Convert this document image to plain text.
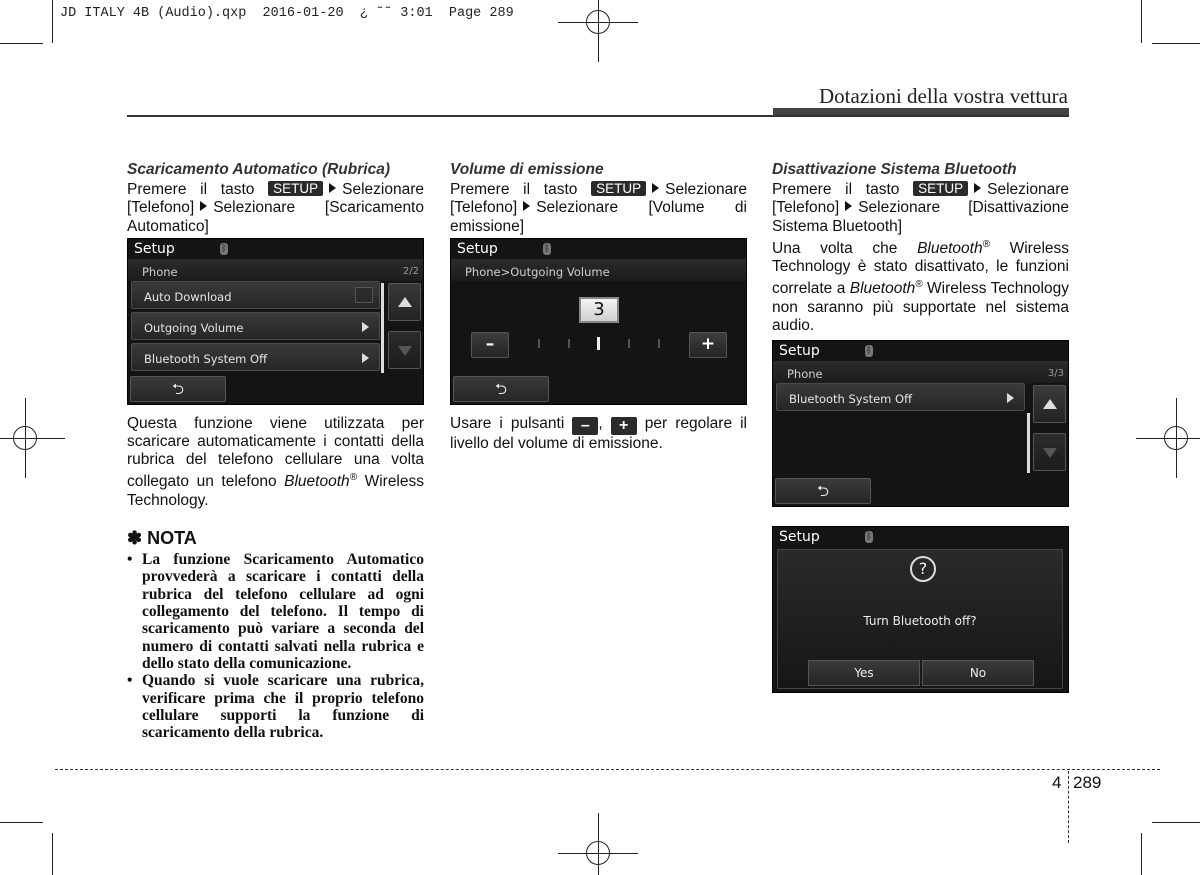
JD ITALY 4B (Audio).qxp  2016-01-20  ¿ ˜˜ 3:01  Page 289
Dotazioni della vostra vettura
Scaricamento Automatico (Rubrica)
Premere il tasto SETUP Selezionare [Telefono] Selezionare [Scaricamento Automatico]
Setup	ᛒ
Phone	2/2
Auto Download
Outgoing Volume
Bluetooth System Off
⮌
Questa funzione viene utilizzata per scaricare automaticamente i contatti della rubrica del telefono cellulare una volta collegato un telefono Bluetooth® Wireless Technology.
✽ NOTA
• La funzione Scaricamento Automatico provvederà a scaricare i contatti della rubrica del telefono cellulare ad ogni collegamento del telefono. Il tempo di scaricamento può variare a seconda del numero di contatti salvati nella rubrica e dello stato della comunicazione.
• Quando si vuole scaricare una rubrica, verificare prima che il proprio telefono cellulare supporti la funzione di scaricamento della rubrica.
Volume di emissione
Premere il tasto SETUP Selezionare [Telefono] Selezionare [Volume di emissione]
Setup	ᛒ
Phone>Outgoing Volume
3
–	+
⮌
Usare i pulsanti – , + per regolare il livello del volume di emissione.
Disattivazione Sistema Bluetooth
Premere il tasto SETUP Selezionare [Telefono] Selezionare [Disattivazione Sistema Bluetooth]
Una volta che Bluetooth® Wireless Technology è stato disattivato, le funzioni correlate a Bluetooth® Wireless Technology non saranno più supportate nel sistema audio.
Setup	ᛒ
Phone	3/3
Bluetooth System Off
⮌
Setup	ᛒ
?
Turn Bluetooth off?
Yes	No
4 289
